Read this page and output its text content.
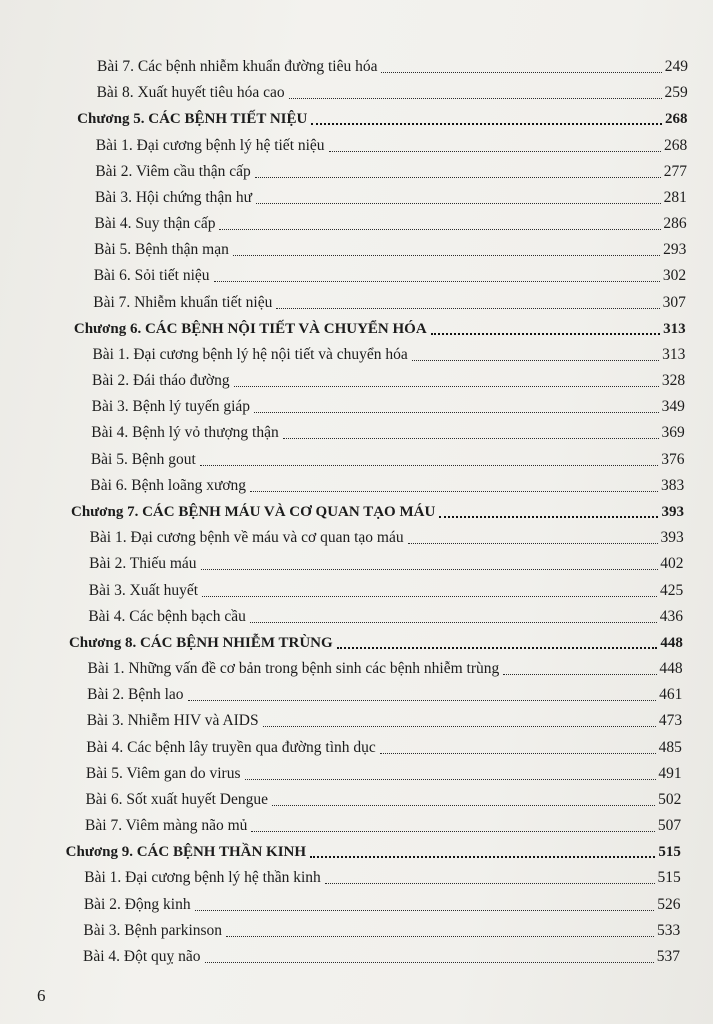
Bài 7. Các bệnh nhiễm khuẩn đường tiêu hóa	249
Bài 8. Xuất huyết tiêu hóa cao	259
Chương 5. CÁC BỆNH TIẾT NIỆU	268
Bài 1. Đại cương bệnh lý hệ tiết niệu	268
Bài 2. Viêm cầu thận cấp	277
Bài 3. Hội chứng thận hư	281
Bài 4. Suy thận cấp	286
Bài 5. Bệnh thận mạn	293
Bài 6. Sỏi tiết niệu	302
Bài 7. Nhiễm khuẩn tiết niệu	307
Chương 6. CÁC BỆNH NỘI TIẾT VÀ CHUYỂN HÓA	313
Bài 1. Đại cương bệnh lý hệ nội tiết và chuyển hóa	313
Bài 2. Đái tháo đường	328
Bài 3. Bệnh lý tuyến giáp	349
Bài 4. Bệnh lý vỏ thượng thận	369
Bài 5. Bệnh gout	376
Bài 6. Bệnh loãng xương	383
Chương 7. CÁC BỆNH MÁU VÀ CƠ QUAN TẠO MÁU	393
Bài 1. Đại cương bệnh về máu và cơ quan tạo máu	393
Bài 2. Thiếu máu	402
Bài 3. Xuất huyết	425
Bài 4. Các bệnh bạch cầu	436
Chương 8. CÁC BỆNH NHIỄM TRÙNG	448
Bài 1. Những vấn đề cơ bản trong bệnh sinh các bệnh nhiễm trùng	448
Bài 2. Bệnh lao	461
Bài 3. Nhiễm HIV và AIDS	473
Bài 4. Các bệnh lây truyền qua đường tình dục	485
Bài 5. Viêm gan do virus	491
Bài 6. Sốt xuất huyết Dengue	502
Bài 7. Viêm màng não mủ	507
Chương 9. CÁC BỆNH THẦN KINH	515
Bài 1. Đại cương bệnh lý hệ thần kinh	515
Bài 2. Động kinh	526
Bài 3. Bệnh parkinson	533
Bài 4. Đột quỵ não	537
6
